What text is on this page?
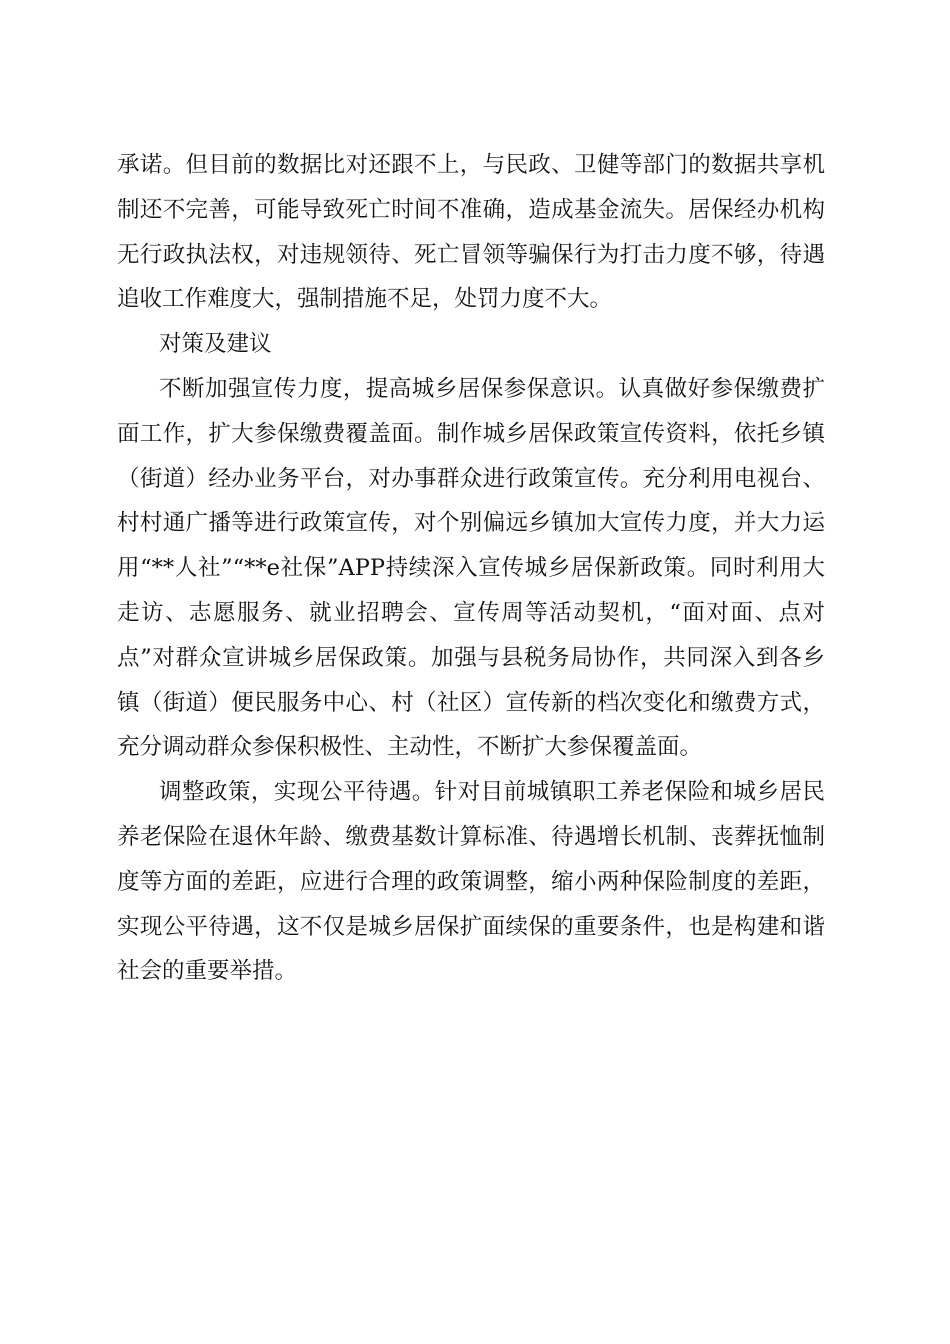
承诺。但目前的数据比对还跟不上，与民政、卫健等部门的数据共享机制还不完善，可能导致死亡时间不准确，造成基金流失。居保经办机构无行政执法权，对违规领待、死亡冒领等骗保行为打击力度不够，待遇追收工作难度大，强制措施不足，处罚力度不大。

对策及建议

不断加强宣传力度，提高城乡居保参保意识。认真做好参保缴费扩面工作，扩大参保缴费覆盖面。制作城乡居保政策宣传资料，依托乡镇（街道）经办业务平台，对办事群众进行政策宣传。充分利用电视台、村村通广播等进行政策宣传，对个别偏远乡镇加大宣传力度，并大力运用“**人社”“**e社保”APP持续深入宣传城乡居保新政策。同时利用大走访、志愿服务、就业招聘会、宣传周等活动契机，“面对面、点对点”对群众宣讲城乡居保政策。加强与县税务局协作，共同深入到各乡镇（街道）便民服务中心、村（社区）宣传新的档次变化和缴费方式，充分调动群众参保积极性、主动性，不断扩大参保覆盖面。

调整政策，实现公平待遇。针对目前城镇职工养老保险和城乡居民养老保险在退休年龄、缴费基数计算标准、待遇增长机制、丧葬抚恤制度等方面的差距，应进行合理的政策调整，缩小两种保险制度的差距，实现公平待遇，这不仅是城乡居保扩面续保的重要条件，也是构建和谐社会的重要举措。
